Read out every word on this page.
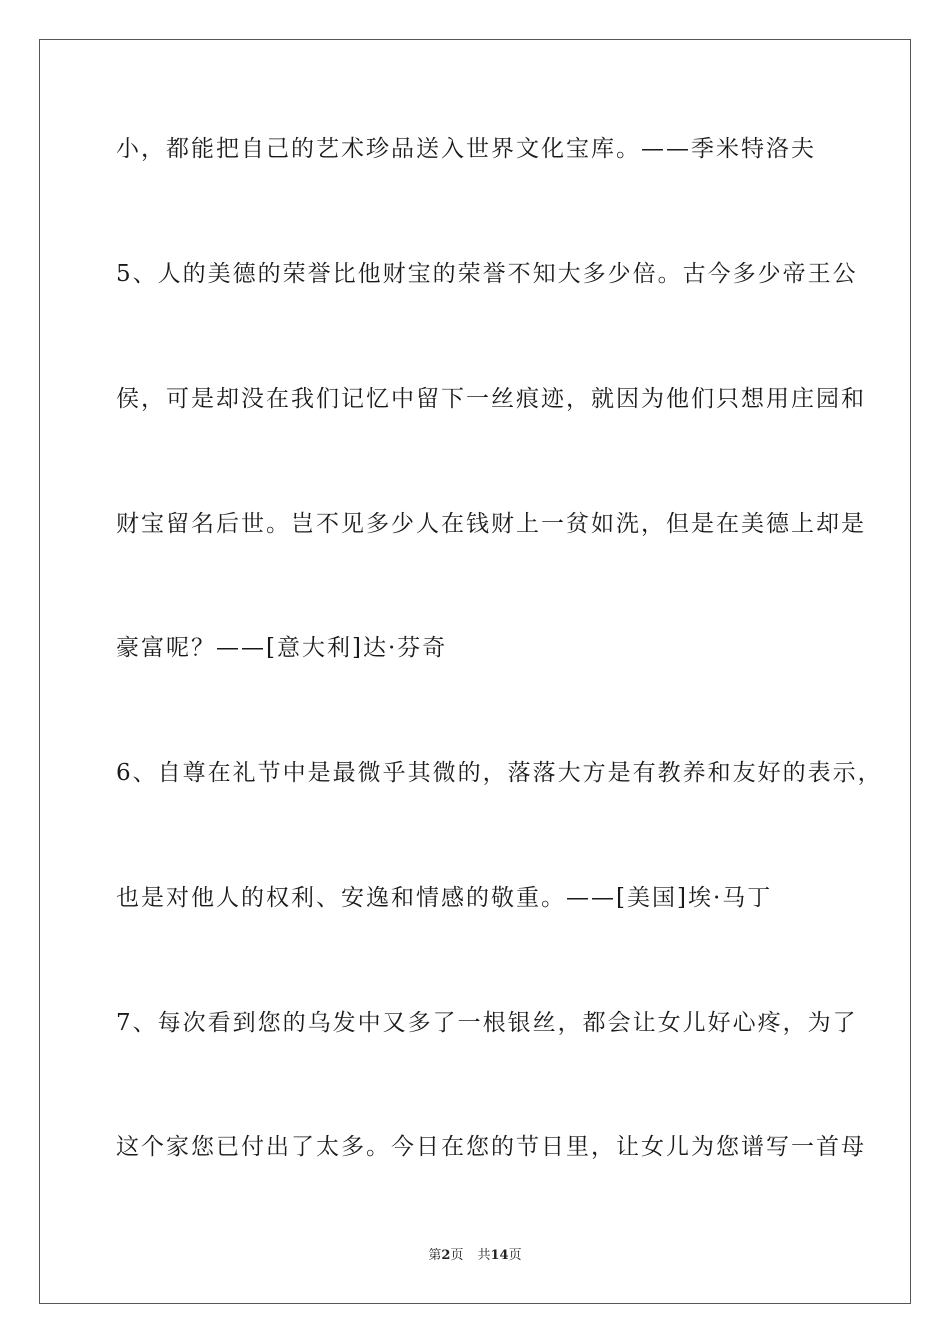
小，都能把自己的艺术珍品送入世界文化宝库。——季米特洛夫
5、人的美德的荣誉比他财宝的荣誉不知大多少倍。古今多少帝王公
侯，可是却没在我们记忆中留下一丝痕迹，就因为他们只想用庄园和
财宝留名后世。岂不见多少人在钱财上一贫如洗，但是在美德上却是
豪富呢？——[意大利]达·芬奇
6、自尊在礼节中是最微乎其微的，落落大方是有教养和友好的表示，
也是对他人的权利、安逸和情感的敬重。——[美国]埃·马丁
7、每次看到您的乌发中又多了一根银丝，都会让女儿好心疼，为了
这个家您已付出了太多。今日在您的节日里，让女儿为您谱写一首母
第2页 共14页
